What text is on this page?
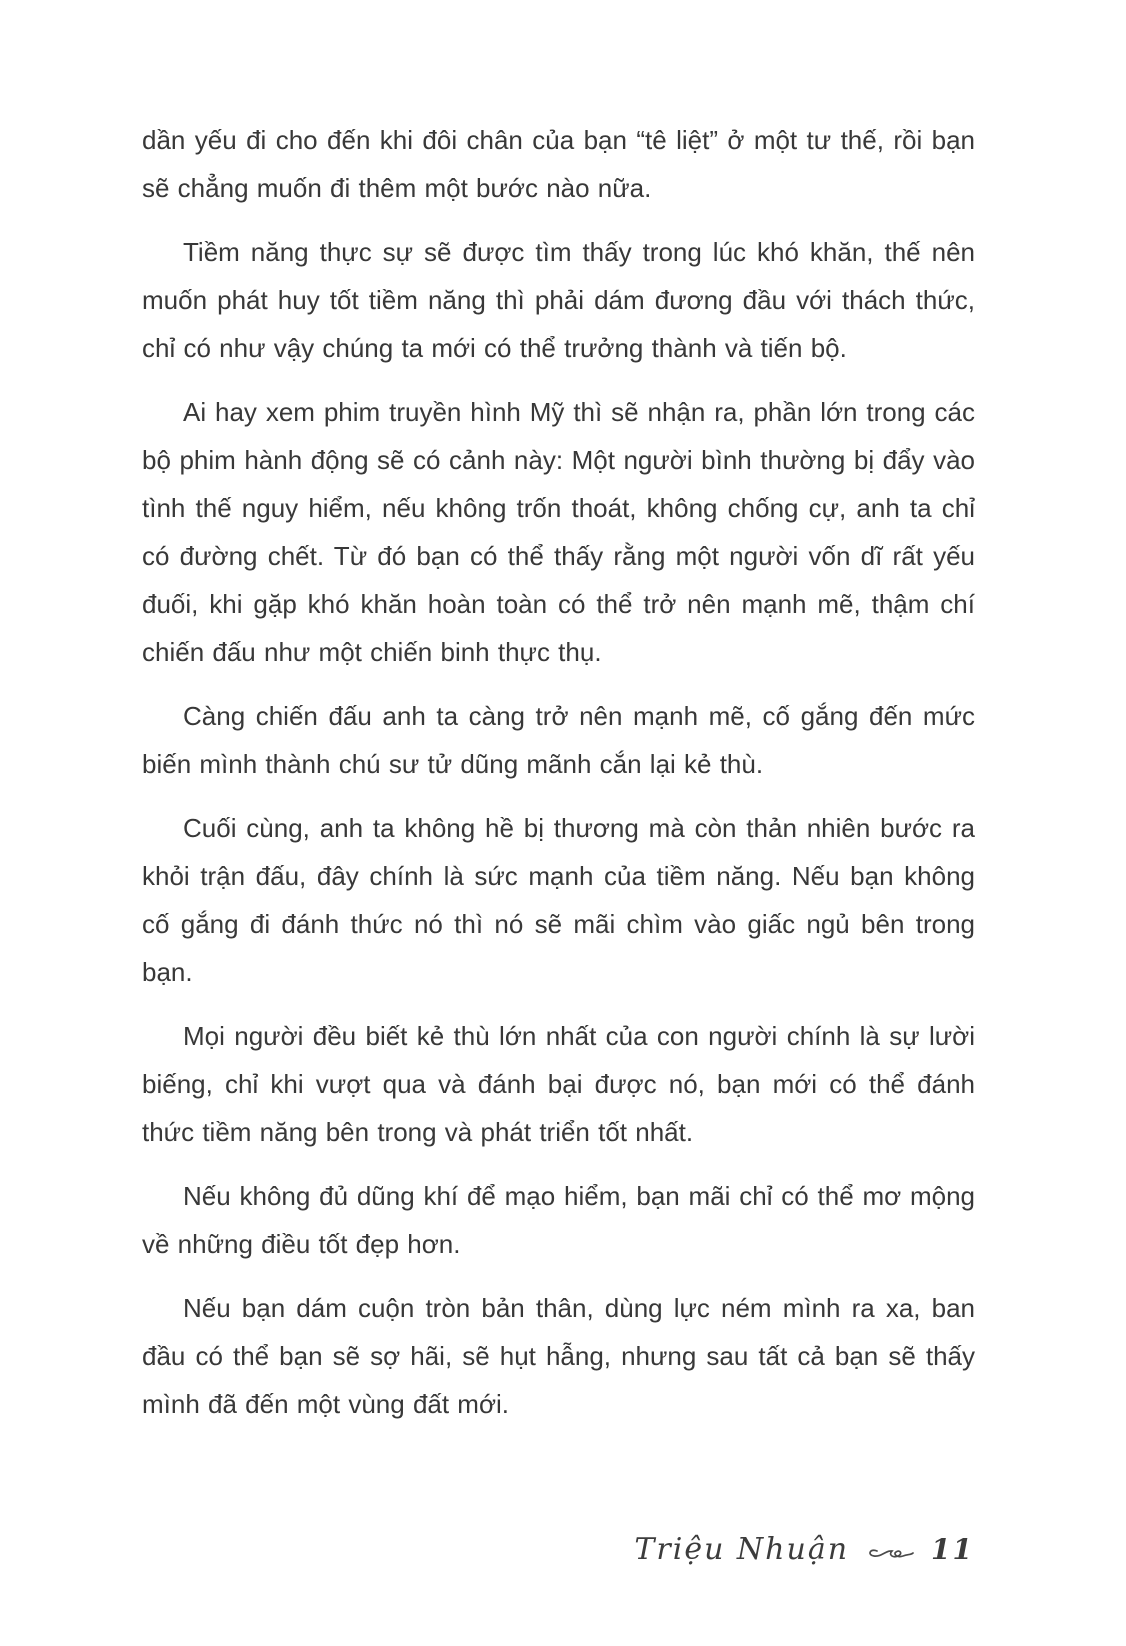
dần yếu đi cho đến khi đôi chân của bạn “tê liệt” ở một tư thế, rồi bạn sẽ chẳng muốn đi thêm một bước nào nữa.

Tiềm năng thực sự sẽ được tìm thấy trong lúc khó khăn, thế nên muốn phát huy tốt tiềm năng thì phải dám đương đầu với thách thức, chỉ có như vậy chúng ta mới có thể trưởng thành và tiến bộ.

Ai hay xem phim truyền hình Mỹ thì sẽ nhận ra, phần lớn trong các bộ phim hành động sẽ có cảnh này: Một người bình thường bị đẩy vào tình thế nguy hiểm, nếu không trốn thoát, không chống cự, anh ta chỉ có đường chết. Từ đó bạn có thể thấy rằng một người vốn dĩ rất yếu đuối, khi gặp khó khăn hoàn toàn có thể trở nên mạnh mẽ, thậm chí chiến đấu như một chiến binh thực thụ.

Càng chiến đấu anh ta càng trở nên mạnh mẽ, cố gắng đến mức biến mình thành chú sư tử dũng mãnh cắn lại kẻ thù.

Cuối cùng, anh ta không hề bị thương mà còn thản nhiên bước ra khỏi trận đấu, đây chính là sức mạnh của tiềm năng. Nếu bạn không cố gắng đi đánh thức nó thì nó sẽ mãi chìm vào giấc ngủ bên trong bạn.

Mọi người đều biết kẻ thù lớn nhất của con người chính là sự lười biếng, chỉ khi vượt qua và đánh bại được nó, bạn mới có thể đánh thức tiềm năng bên trong và phát triển tốt nhất.

Nếu không đủ dũng khí để mạo hiểm, bạn mãi chỉ có thể mơ mộng về những điều tốt đẹp hơn.

Nếu bạn dám cuộn tròn bản thân, dùng lực ném mình ra xa, ban đầu có thể bạn sẽ sợ hãi, sẽ hụt hẫng, nhưng sau tất cả bạn sẽ thấy mình đã đến một vùng đất mới.

Triệu Nhuận	11
